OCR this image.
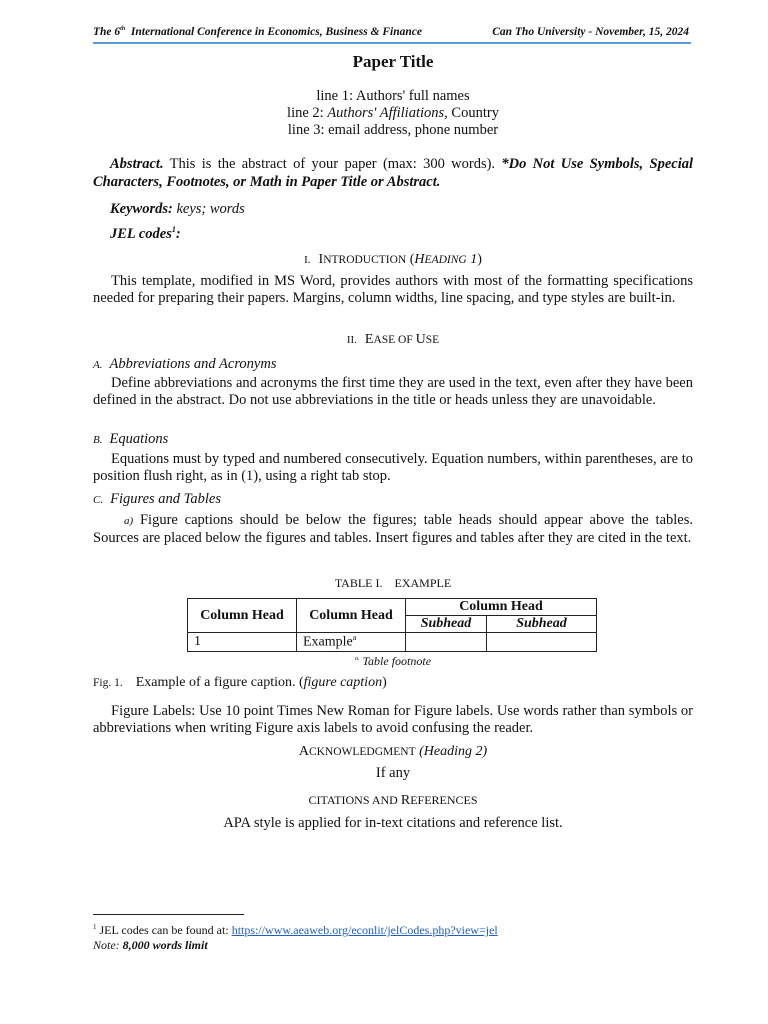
The 6th International Conference in Economics, Business & Finance	Can Tho University - November, 15, 2024
Paper Title
line 1: Authors' full names
line 2: Authors' Affiliations, Country
line 3: email address, phone number
Abstract. This is the abstract of your paper (max: 300 words). *Do Not Use Symbols, Special Characters, Footnotes, or Math in Paper Title or Abstract.
Keywords: keys; words
JEL codes$^1$:
I. INTRODUCTION (HEADING 1)
This template, modified in MS Word, provides authors with most of the formatting specifications needed for preparing their papers. Margins, column widths, line spacing, and type styles are built-in.
II. EASE OF USE
A. Abbreviations and Acronyms
Define abbreviations and acronyms the first time they are used in the text, even after they have been defined in the abstract. Do not use abbreviations in the title or heads unless they are unavoidable.
B. Equations
Equations must by typed and numbered consecutively. Equation numbers, within parentheses, are to position flush right, as in (1), using a right tab stop.
C. Figures and Tables
a) Figure captions should be below the figures; table heads should appear above the tables. Sources are placed below the figures and tables. Insert figures and tables after they are cited in the text.
TABLE I. EXAMPLE
Column Head	Column Head	Column Head	
		Subhead	Subhead
1	Example$^a$		
$^{a.}$ Table footnote
Fig. 1. Example of a figure caption. (figure caption)
Figure Labels: Use 10 point Times New Roman for Figure labels. Use words rather than symbols or abbreviations when writing Figure axis labels to avoid confusing the reader.
ACKNOWLEDGMENT (Heading 2)
If any
CITATIONS AND REFERENCES
APA style is applied for in-text citations and reference list.
$^1$ JEL codes can be found at: https://www.aeaweb.org/econlit/jelCodes.php?view=jel
Note: 8,000 words limit
